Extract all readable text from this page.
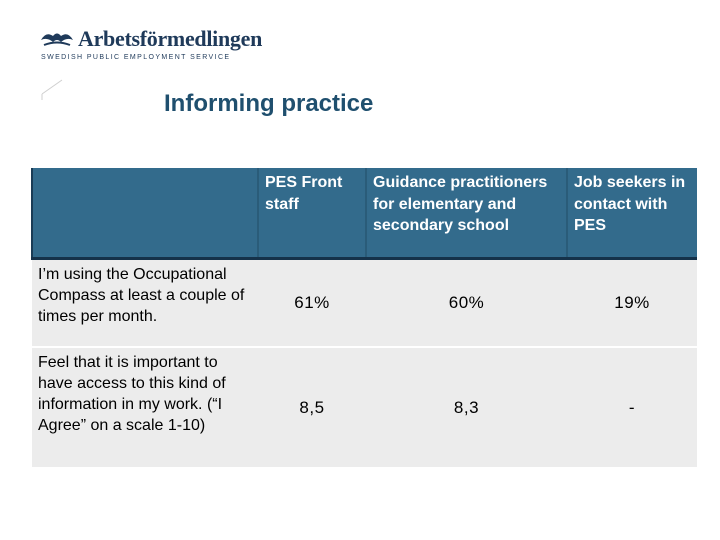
Arbetsförmedlingen
SWEDISH PUBLIC EMPLOYMENT SERVICE
Informing practice
	PES Front staff	Guidance practitioners for elementary and secondary school	Job seekers in contact with PES
I’m using the Occupational Compass at least a couple of times per month.	61%	60%	19%
Feel that it is important to have access to this kind of information in my work. (“I Agree” on a scale 1-10)	8,5	8,3	-
